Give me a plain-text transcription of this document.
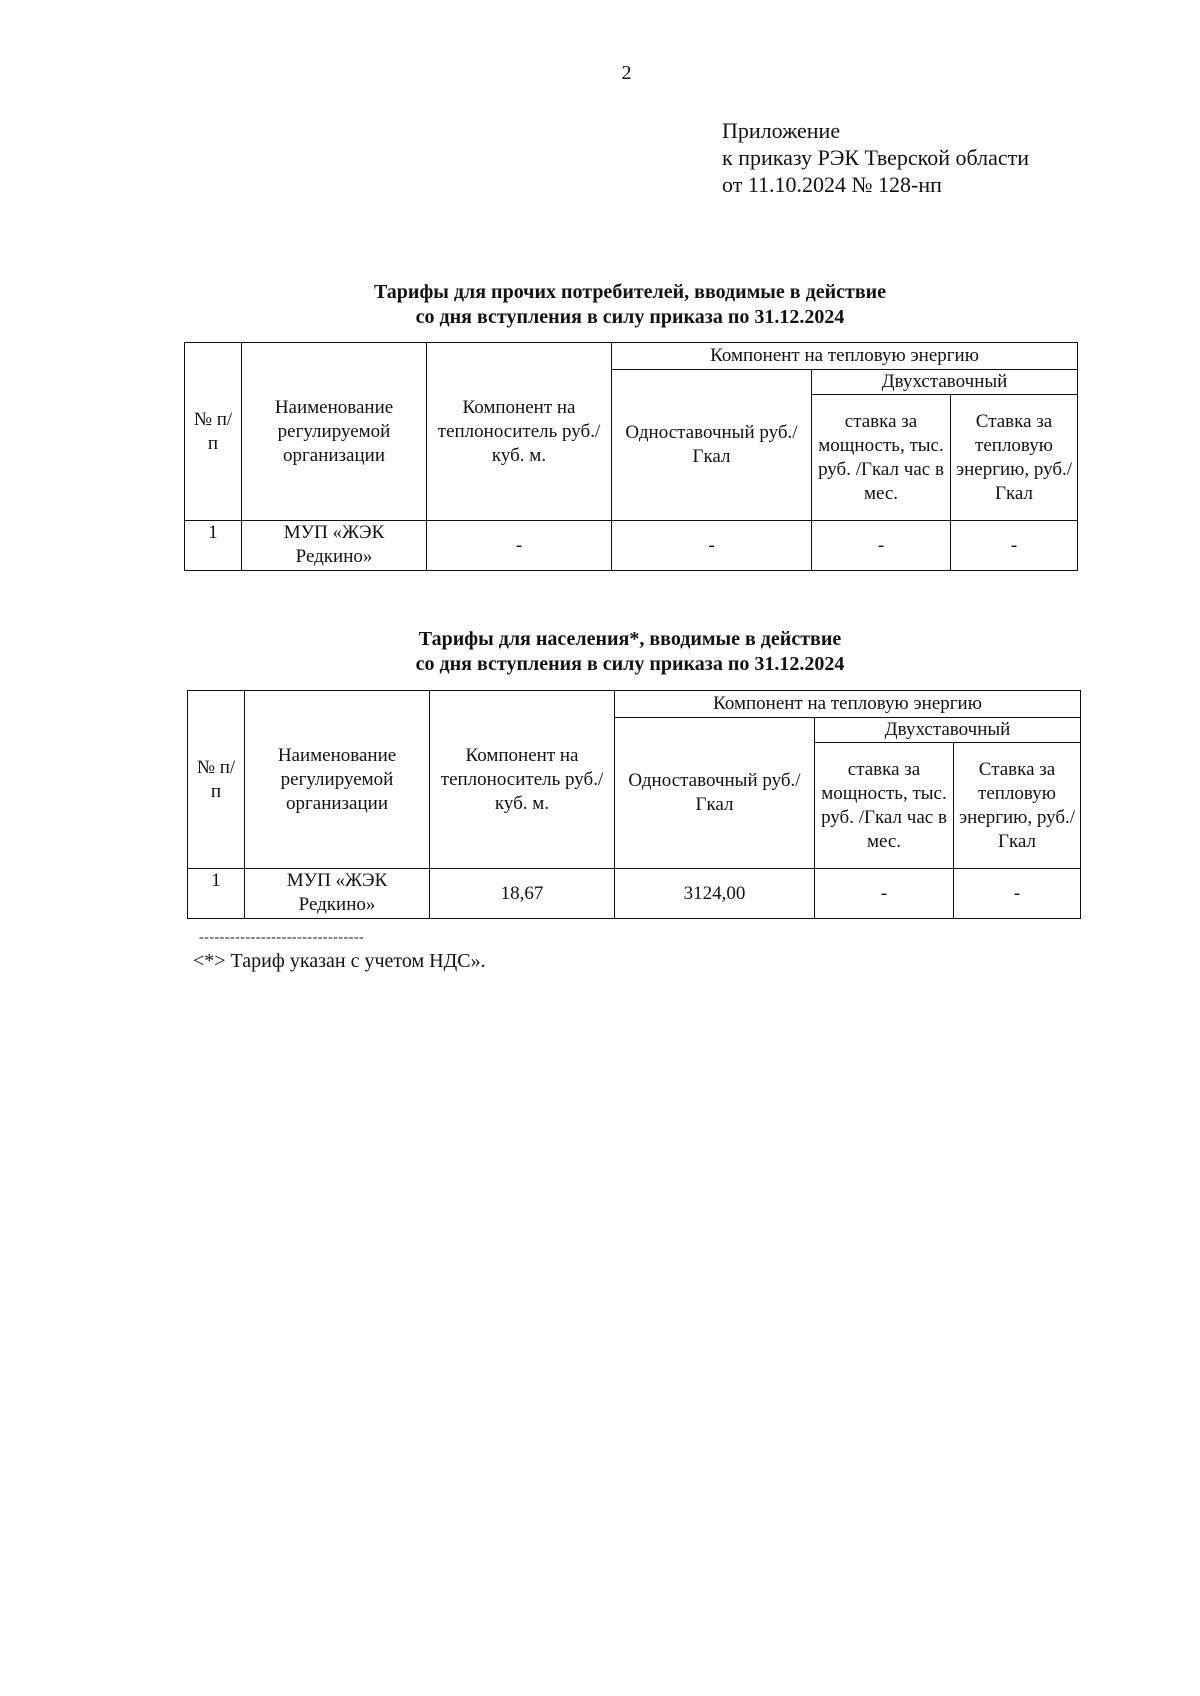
2
Приложение
к приказу РЭК Тверской области
от 11.10.2024 № 128-нп
Тарифы для прочих потребителей, вводимые в действие
со дня вступления в силу приказа по 31.12.2024
№ п/п	Наименование регулируемой организации	Компонент на теплоноситель руб./куб. м.	Компонент на тепловую энергию		
			Одноставочный руб./Гкал	Двухставочный	
				ставка за мощность, тыс. руб. /Гкал час в мес.	Ставка за тепловую энергию, руб./Гкал
1	МУП «ЖЭК Редкино»	-	-	-	-
Тарифы для населения*, вводимые в действие
со дня вступления в силу приказа по 31.12.2024
№ п/п	Наименование регулируемой организации	Компонент на теплоноситель руб./куб. м.	Компонент на тепловую энергию		
			Одноставочный руб./Гкал	Двухставочный	
				ставка за мощность, тыс. руб. /Гкал час в мес.	Ставка за тепловую энергию, руб./Гкал
1	МУП «ЖЭК Редкино»	18,67	3124,00	-	-
--------------------------------
<*> Тариф указан с учетом НДС».
